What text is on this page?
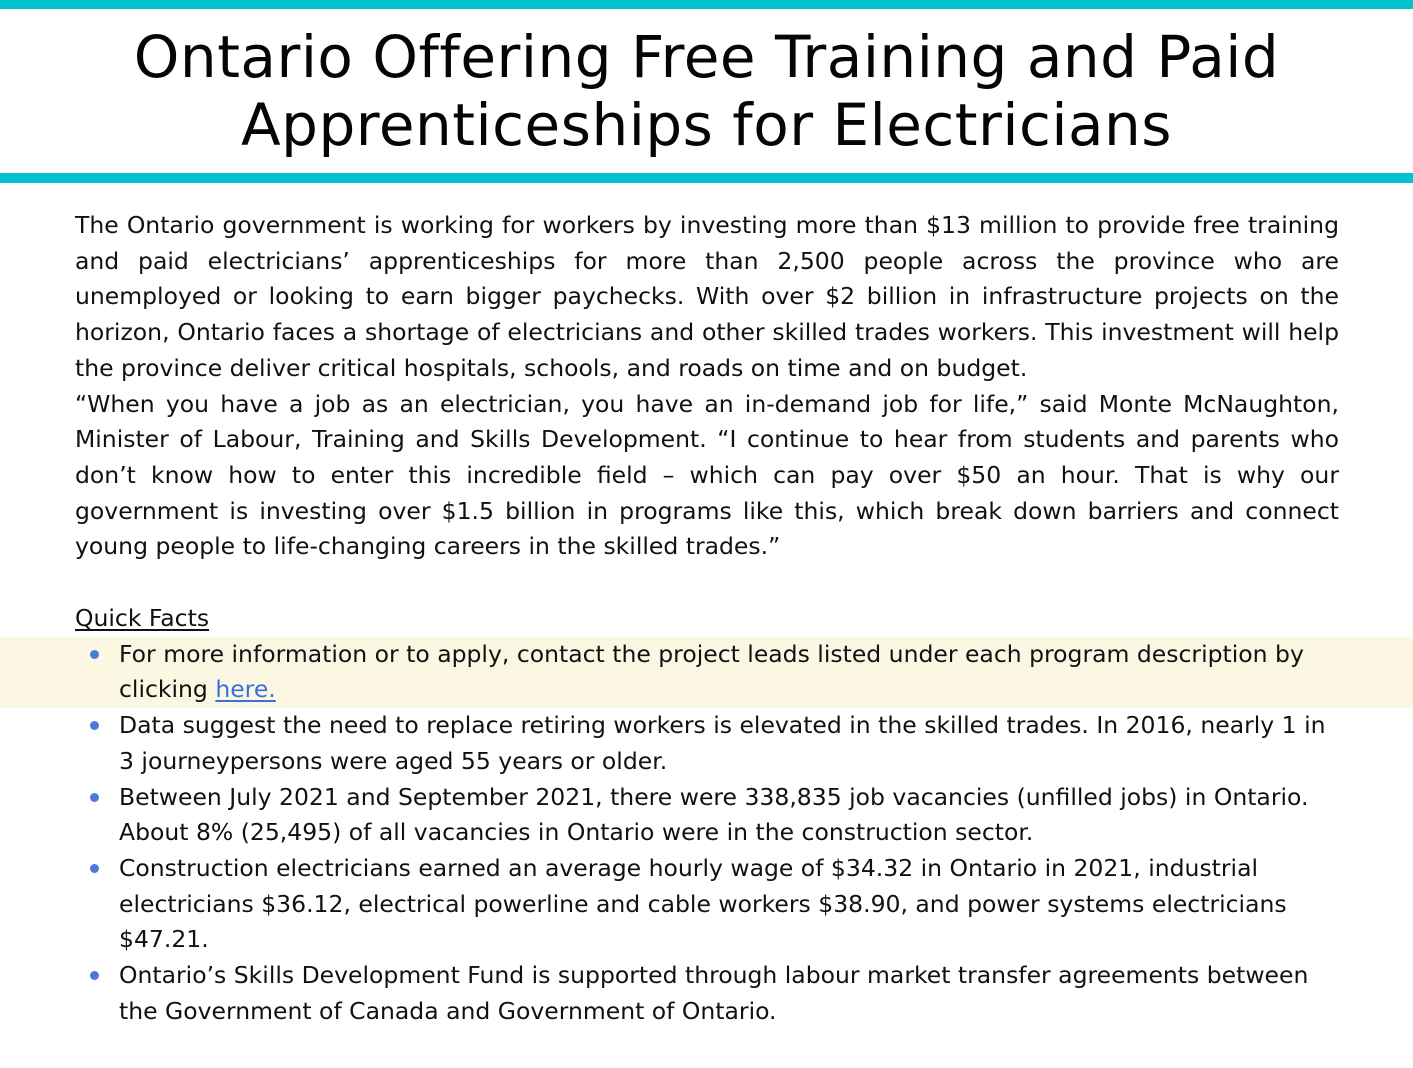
Ontario Offering Free Training and Paid
Apprenticeships for Electricians

The Ontario government is working for workers by investing more than $13 million to provide free training and paid electricians’ apprenticeships for more than 2,500 people across the province who are unemployed or looking to earn bigger paychecks. With over $2 billion in infrastructure projects on the horizon, Ontario faces a shortage of electricians and other skilled trades workers. This investment will help the province deliver critical hospitals, schools, and roads on time and on budget.

“When you have a job as an electrician, you have an in-demand job for life,” said Monte McNaughton, Minister of Labour, Training and Skills Development. “I continue to hear from students and parents who don’t know how to enter this incredible field – which can pay over $50 an hour. That is why our government is investing over $1.5 billion in programs like this, which break down barriers and connect young people to life-changing careers in the skilled trades.”

Quick Facts

For more information or to apply, contact the project leads listed under each program description by clicking here.
Data suggest the need to replace retiring workers is elevated in the skilled trades. In 2016, nearly 1 in 3 journeypersons were aged 55 years or older.
Between July 2021 and September 2021, there were 338,835 job vacancies (unfilled jobs) in Ontario. About 8% (25,495) of all vacancies in Ontario were in the construction sector.
Construction electricians earned an average hourly wage of $34.32 in Ontario in 2021, industrial electricians $36.12, electrical powerline and cable workers $38.90, and power systems electricians $47.21.
Ontario’s Skills Development Fund is supported through labour market transfer agreements between the Government of Canada and Government of Ontario.
